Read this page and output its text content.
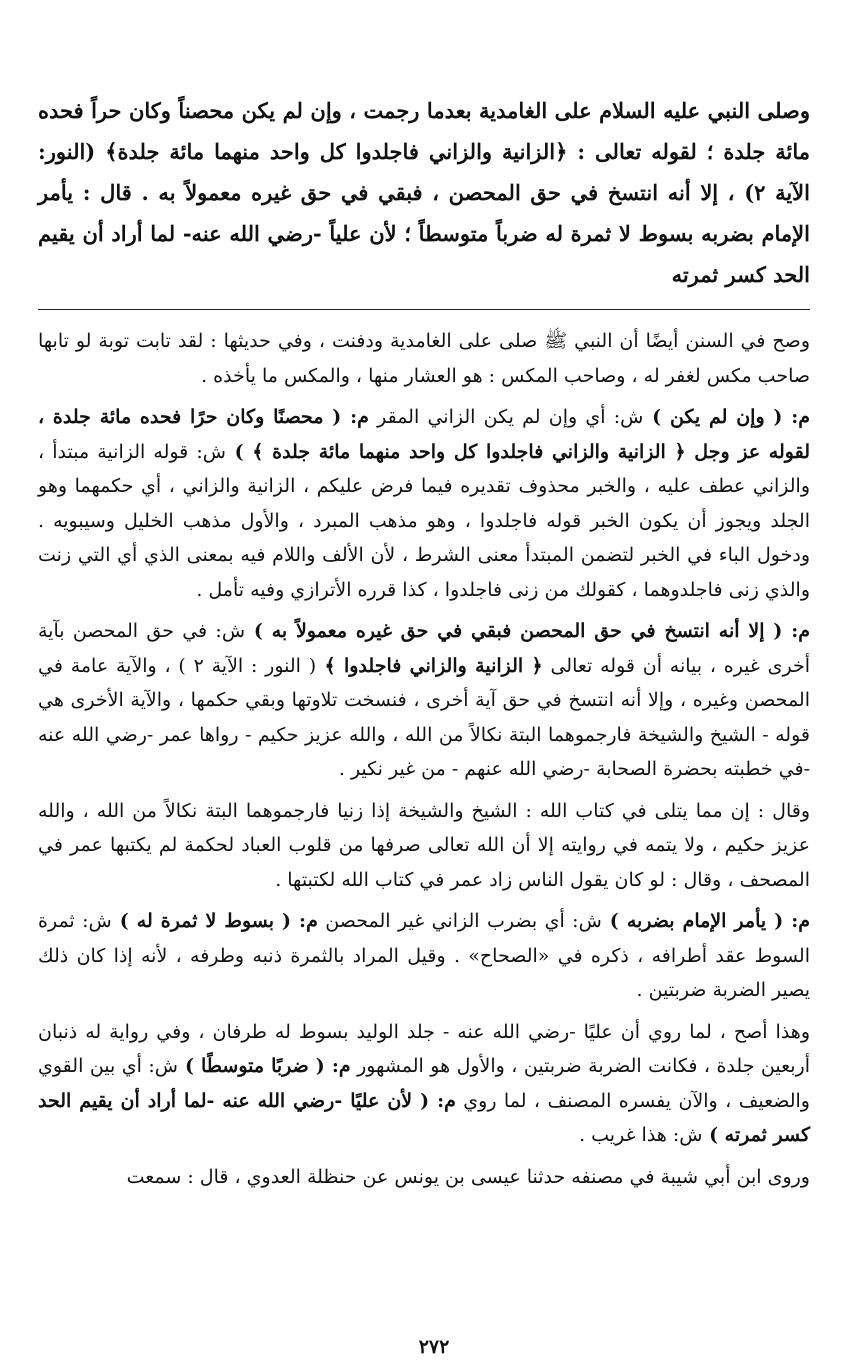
وصلى النبي عليه السلام على الغامدية بعدما رجمت ، وإن لم يكن محصناً وكان حراً فحده مائة جلدة ؛ لقوله تعالى : ﴿الزانية والزاني فاجلدوا كل واحد منهما مائة جلدة﴾ (النور: الآية ٢) ، إلا أنه انتسخ في حق المحصن ، فبقي في حق غيره معمولاً به . قال : يأمر الإمام بضربه بسوط لا ثمرة له ضرباً متوسطاً ؛ لأن علياً -رضي الله عنه- لما أراد أن يقيم الحد كسر ثمرته

وصح في السنن أيضًا أن النبي ﷺ صلى على الغامدية ودفنت ، وفي حديثها : لقد تابت توبة لو تابها صاحب مكس لغفر له ، وصاحب المكس : هو العشار منها ، والمكس ما يأخذه .

م: ( وإن لم يكن ) ش: أي وإن لم يكن الزاني المقر م: ( محصنًا وكان حرًا فحده مائة جلدة ، لقوله عز وجل ﴿ الزانية والزاني فاجلدوا كل واحد منهما مائة جلدة ﴾ ) ش: قوله الزانية مبتدأ ، والزاني عطف عليه ، والخبر محذوف تقديره فيما فرض عليكم ، الزانية والزاني ، أي حكمهما وهو الجلد ويجوز أن يكون الخبر قوله فاجلدوا ، وهو مذهب المبرد ، والأول مذهب الخليل وسيبويه . ودخول الباء في الخبر لتضمن المبتدأ معنى الشرط ، لأن الألف واللام فيه بمعنى الذي أي التي زنت والذي زنى فاجلدوهما ، كقولك من زنى فاجلدوا ، كذا قرره الأترازي وفيه تأمل .

م: ( إلا أنه انتسخ في حق المحصن فبقي في حق غيره معمولاً به ) ش: في حق المحصن بآية أخرى غيره ، بيانه أن قوله تعالى ﴿ الزانية والزاني فاجلدوا ﴾ ( النور : الآية ٢ ) ، والآية عامة في المحصن وغيره ، وإلا أنه انتسخ في حق آية أخرى ، فنسخت تلاوتها وبقي حكمها ، والآية الأخرى هي قوله - الشيخ والشيخة فارجموهما البتة نكالاً من الله ، والله عزيز حكيم - رواها عمر -رضي الله عنه -في خطبته بحضرة الصحابة -رضي الله عنهم - من غير نكير .

وقال : إن مما يتلى في كتاب الله : الشيخ والشيخة إذا زنيا فارجموهما البتة نكالاً من الله ، والله عزيز حكيم ، ولا يتمه في روايته إلا أن الله تعالى صرفها من قلوب العباد لحكمة لم يكتبها عمر في المصحف ، وقال : لو كان يقول الناس زاد عمر في كتاب الله لكتبتها .

م: ( يأمر الإمام بضربه ) ش: أي بضرب الزاني غير المحصن م: ( بسوط لا ثمرة له ) ش: ثمرة السوط عقد أطرافه ، ذكره في «الصحاح» . وقيل المراد بالثمرة ذنبه وطرفه ، لأنه إذا كان ذلك يصير الضربة ضربتين .

وهذا أصح ، لما روي أن عليًا -رضي الله عنه - جلد الوليد بسوط له طرفان ، وفي رواية له ذنبان أربعين جلدة ، فكانت الضربة ضربتين ، والأول هو المشهور م: ( ضربًا متوسطًا ) ش: أي بين القوي والضعيف ، والآن يفسره المصنف ، لما روي م: ( لأن عليًا -رضي الله عنه -لما أراد أن يقيم الحد كسر ثمرته ) ش: هذا غريب .

وروى ابن أبي شيبة في مصنفه حدثنا عيسى بن يونس عن حنظلة العدوي ، قال : سمعت

٢٧٢
